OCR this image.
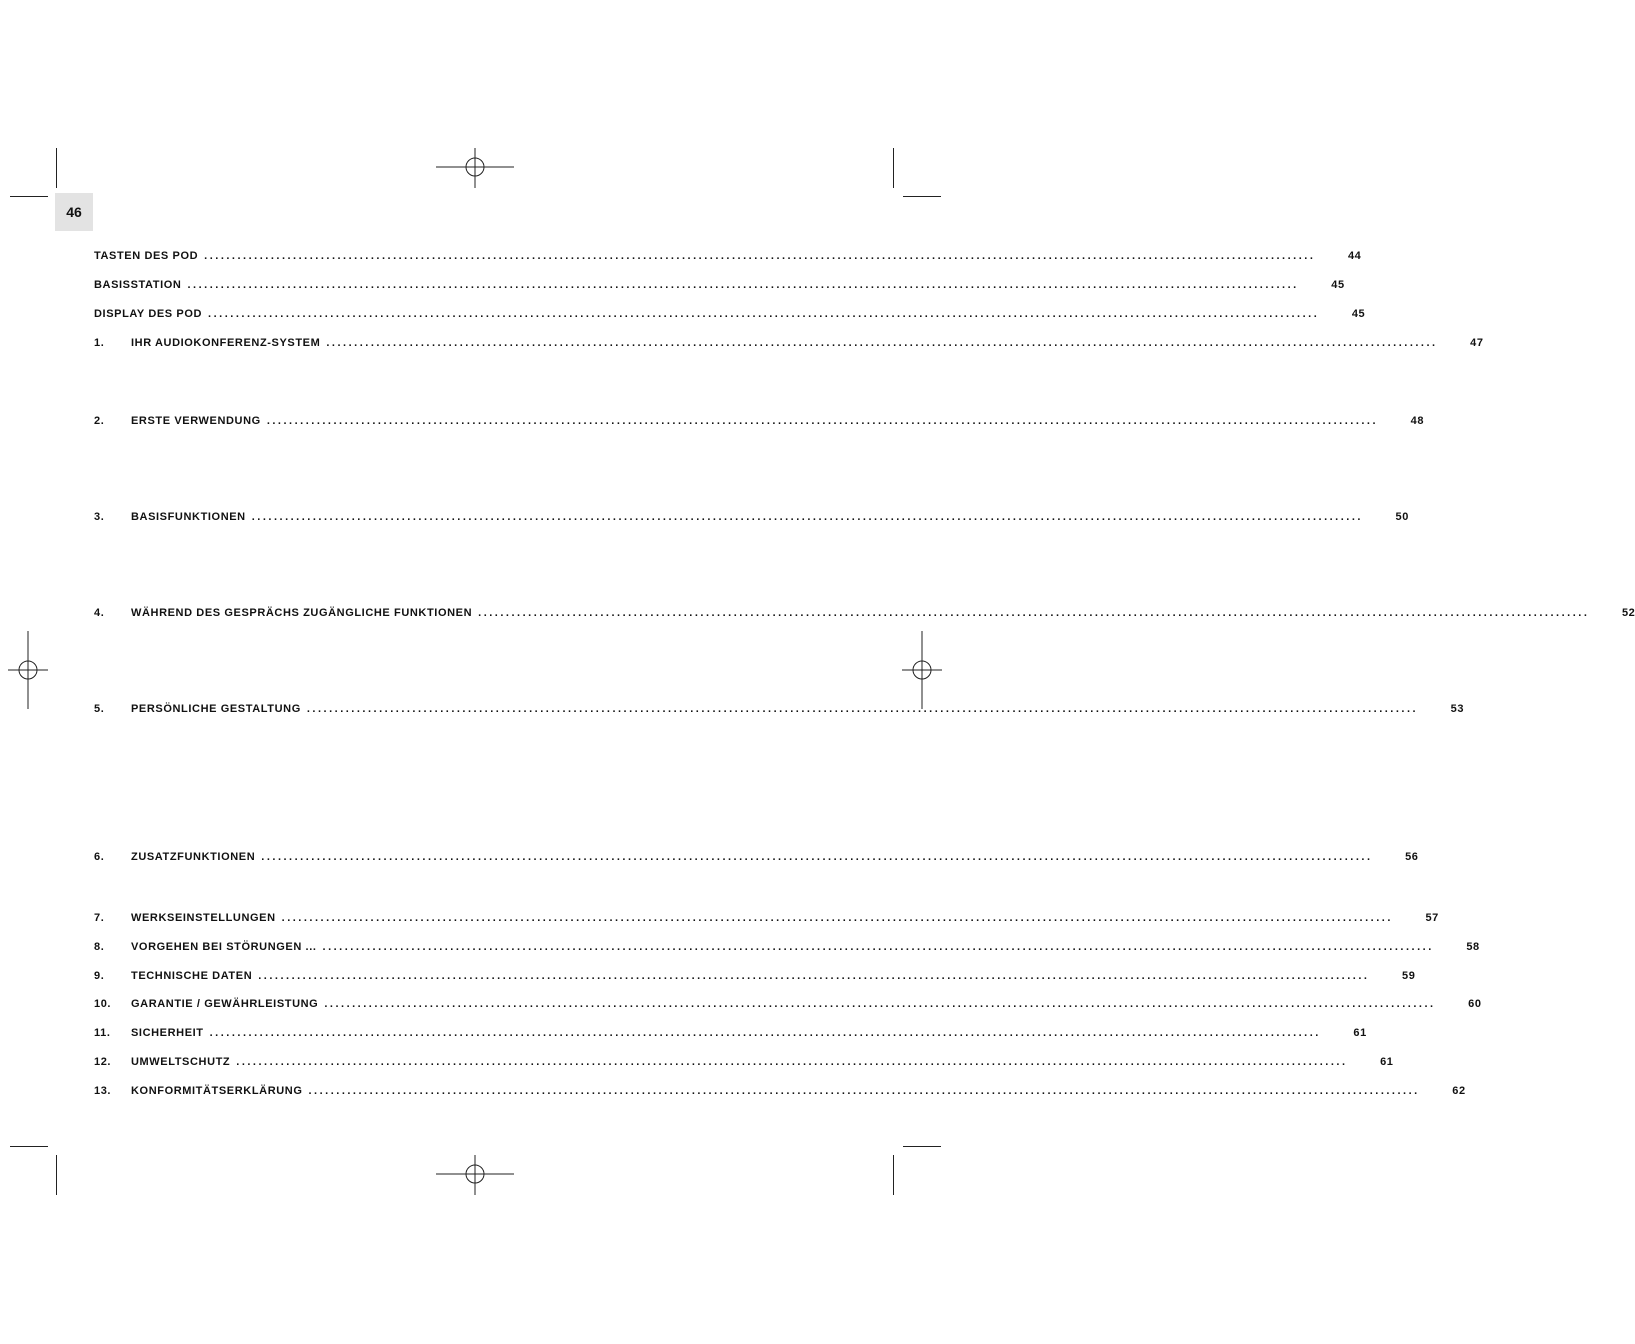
46
TASTEN DES POD ........................................................................................................................................................................................................	44
BASISSTATION ........................................................................................................................................................................................................	45
DISPLAY DES POD ........................................................................................................................................................................................................	45
1.	IHR AUDIOKONFERENZ-SYSTEM ........................................................................................................................................................................................................	47
2.	ERSTE VERWENDUNG ........................................................................................................................................................................................................	48
3.	BASISFUNKTIONEN ........................................................................................................................................................................................................	50
4.	WÄHREND DES GESPRÄCHS ZUGÄNGLICHE FUNKTIONEN ........................................................................................................................................................................................................	52
5.	PERSÖNLICHE GESTALTUNG ........................................................................................................................................................................................................	53
6.	ZUSATZFUNKTIONEN ........................................................................................................................................................................................................	56
7.	WERKSEINSTELLUNGEN ........................................................................................................................................................................................................	57
8.	VORGEHEN BEI STÖRUNGEN ... ........................................................................................................................................................................................................	58
9.	TECHNISCHE DATEN ........................................................................................................................................................................................................	59
10.	GARANTIE / GEWÄHRLEISTUNG ........................................................................................................................................................................................................	60
11.	SICHERHEIT ........................................................................................................................................................................................................	61
12.	UMWELTSCHUTZ ........................................................................................................................................................................................................	61
13.	KONFORMITÄTSERKLÄRUNG ........................................................................................................................................................................................................	62
